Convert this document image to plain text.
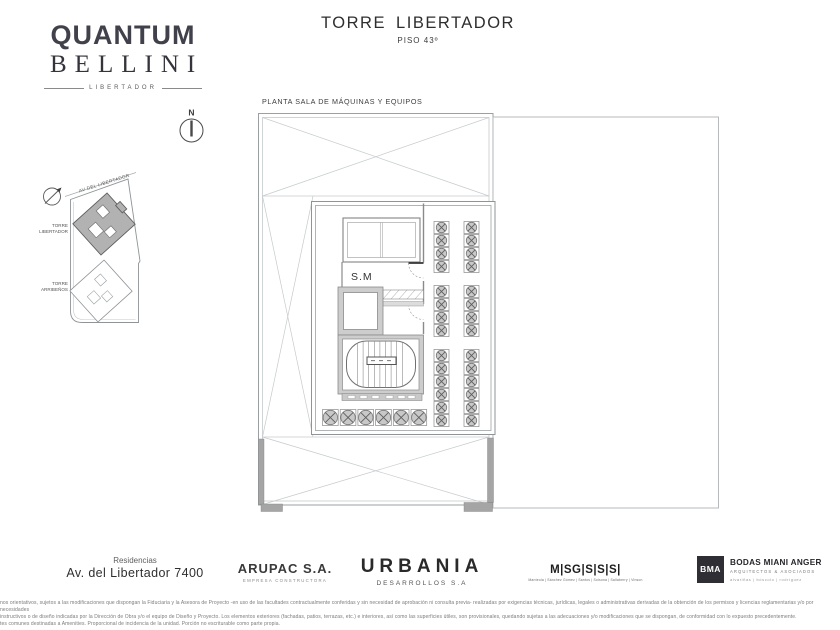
QUANTUM
BELLINI
LIBERTADOR
TORRE LIBERTADOR
PISO 43º
N
AV DEL LIBERTADOR
TORRE
LIBERTADOR
TORRE
ARRIBEÑOS
PLANTA SALA DE MÁQUINAS Y EQUIPOS
S.M
Residencias
Av. del Libertador 7400	ARUPAC S.A.
EMPRESA CONSTRUCTORA
URBANIA
DESARROLLOS S.A
M|SG|S|S|S|
Manteola | Sánchez Gómez | Santos | Solsona | Sallaberry | Vinson
BMA
BODAS MIANI ANGER
ARQUITECTOS & ASOCIADOS
alvariñas | bóscolo | rodríguez
nos orientativos, sujetos a las modificaciones que dispongan la Fiduciaria y la Asesora de Proyecto -en uso de las facultades contractualmente conferidas y sin necesidad de aprobación ni consulta previa- realizadas por exigencias técnicas, jurídicas, legales o administrativas derivadas de la obtención de los permisos y licencias reglamentarias y/o por necesidades
instructivos o de diseño indicadas por la Dirección de Obra y/o el equipo de Diseño y Proyecto. Los elementos exteriores (fachadas, patios, terrazas, etc.) e interiores, así como las superficies útiles, son provisionales, quedando sujetas a las adecuaciones y/o modificaciones que se dispongan, de conformidad con lo expuesto precedentemente.
tes comunes destinadas a Amenities. Proporcional de incidencia de la unidad. Porción no escriturable como parte propia.
